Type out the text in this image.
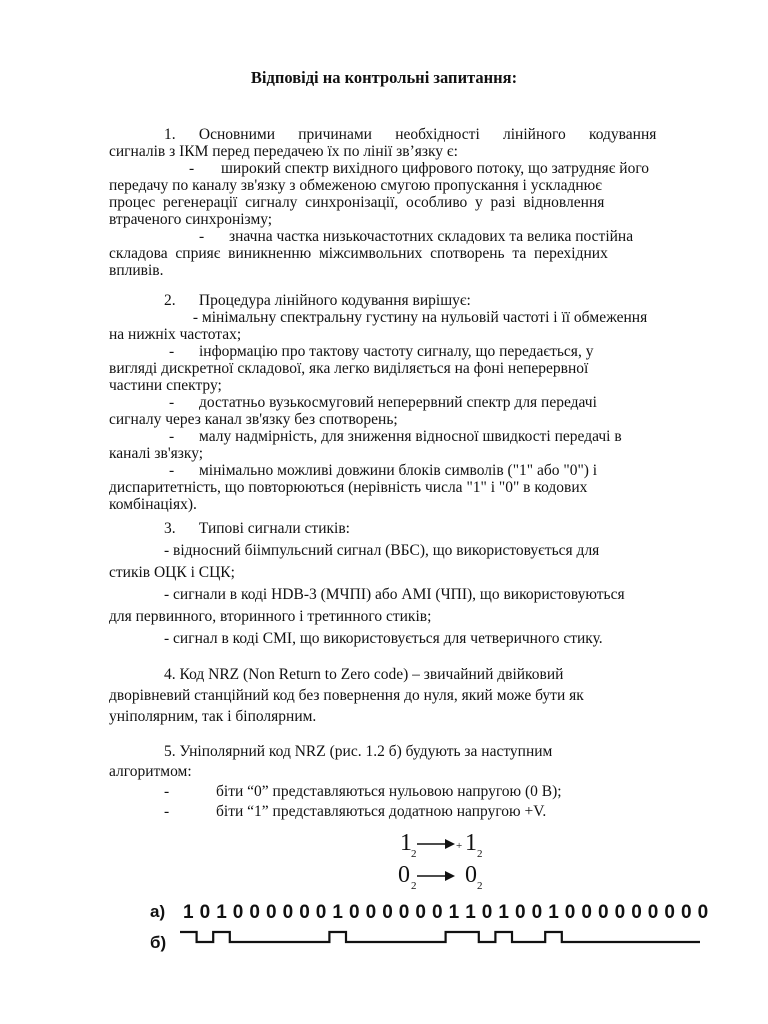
Відповіді на контрольні запитання:
1.      Основними      причинами      необхідності      лінійного      кодування
сигналів з ІКМ перед передачею їх по лінії зв’язку є:
- широкий спектр вихідного цифрового потоку, що затрудняє його
передачу по каналу зв'язку з обмеженою смугою пропускання і ускладнює
процес  регенерації  сигналу  синхронізації,  особливо  у  разі  відновлення
втраченого синхронізму;
- значна частка низькочастотних складових та велика постійна
складова  сприяє  виникненню  міжсимвольних  спотворень  та  перехідних
впливів.
2.      Процедура лінійного кодування вирішує:
- мінімальну спектральну густину на нульовій частоті і її обмеження
на нижніх частотах;
- інформацію про тактову частоту сигналу, що передається, у
вигляді дискретної складової, яка легко виділяється на фоні неперервної
частини спектру;
- достатньо вузькосмуговий неперервний спектр для передачі
сигналу через канал зв'язку без спотворень;
- малу надмірність, для зниження відносної швидкості передачі в
каналі зв'язку;
- мінімально можливі довжини блоків символів ("1" або "0") і
диспаритетність, що повторюються (нерівність числа "1" і "0" в кодових
комбінаціях).
3.      Типові сигнали стиків:
- відносний біімпульсний сигнал (ВБС), що використовується для
стиків ОЦК і СЦК;
- сигнали в коді HDB-3 (МЧПІ) або АМІ (ЧПІ), що використовуються
для первинного, вторинного і третинного стиків;
- сигнал в коді СМІ, що використовується для четверичного стику.
4. Код NRZ (Non Return to Zero code) – звичайний двійковий
дворівневий станційний код без повернення до нуля, який може бути як
уніполярним, так і біполярним.
5. Уніполярний код NRZ (рис. 1.2 б) будують за наступним
алгоритмом:
-	біти “0” представляються нульовою напругою (0 В);
-	біти “1” представляються додатною напругою +V.
1 2
+ 1 2
0 2 0 2
а)
б)
1 0 1 0 0 0 0 0 0 1 0 0 0 0 0 0 1 1 0 1 0 0 1 0 0 0 0 0 0 0 0 0
